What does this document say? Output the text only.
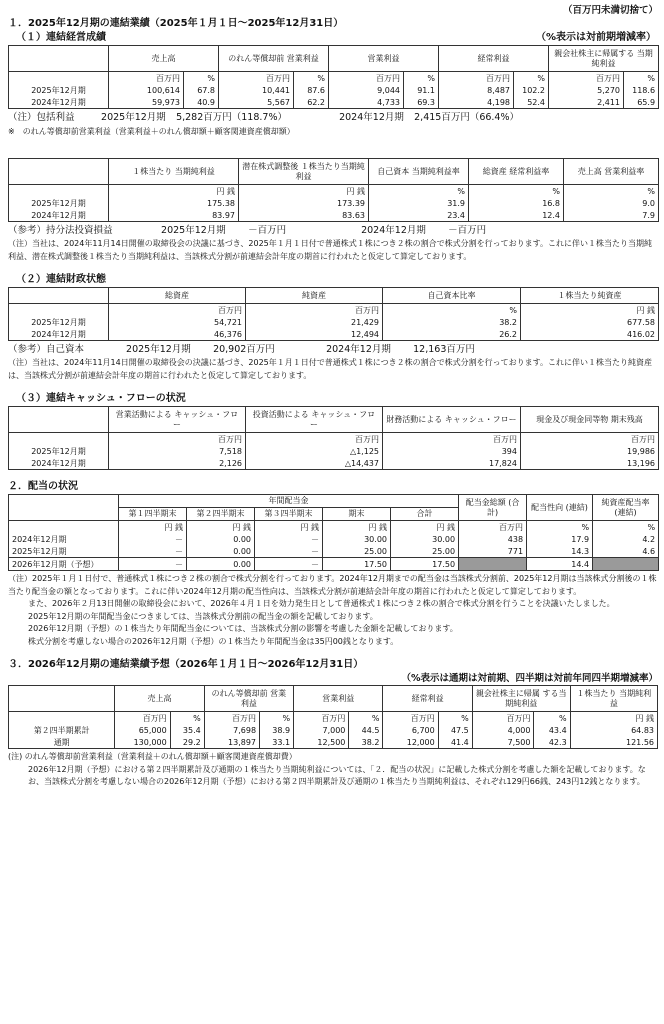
（百万円未満切捨て）
１．2025年12月期の連結業績（2025年１月１日～2025年12月31日）
（１）連結経営成績	（%表示は対前期増減率）
	売上高		のれん等償却前 営業利益		営業利益		経常利益		親会社株主に帰属する 当期純利益	
	百万円	%	百万円	%	百万円	%	百万円	%	百万円	%
2025年12月期	100,614	67.8	10,441	87.6	9,044	91.1	8,487	102.2	5,270	118.6
2024年12月期	59,973	40.9	5,567	62.2	4,733	69.3	4,198	52.4	2,411	65.9
（注）包括利益	2025年12月期 5,282百万円（118.7%）	2024年12月期 2,415百万円（66.4%）
※　のれん等償却前営業利益（営業利益＋のれん償却額＋顧客関連資産償却額）
	１株当たり 当期純利益	潜在株式調整後 １株当たり当期純利益	自己資本 当期純利益率	総資産 経常利益率	売上高 営業利益率
	円 銭	円 銭	%	%	%
2025年12月期	175.38	173.39	31.9	16.8	9.0
2024年12月期	83.97	83.63	23.4	12.4	7.9
（参考）持分法投資損益	2025年12月期 －百万円	2024年12月期 －百万円

（注）当社は、2024年11月14日開催の取締役会の決議に基づき、2025年１月１日付で普通株式１株につき２株の割合で株式分割を行っております。これに伴い１株当たり当期純利益、潜在株式調整後１株当たり当期純利益は、当該株式分割が前連結会計年度の期首に行われたと仮定して算定しております。

（２）連結財政状態
	総資産	純資産	自己資本比率	１株当たり純資産
	百万円	百万円	%	円 銭
2025年12月期	54,721	21,429	38.2	677.58
2024年12月期	46,376	12,494	26.2	416.02
（参考）自己資本	2025年12月期 20,902百万円	2024年12月期 12,163百万円

（注）当社は、2024年11月14日開催の取締役会の決議に基づき、2025年１月１日付で普通株式１株につき２株の割合で株式分割を行っております。これに伴い１株当たり純資産は、当該株式分割が前連結会計年度の期首に行われたと仮定して算定しております。

（３）連結キャッシュ・フローの状況
	営業活動による キャッシュ・フロー	投資活動による キャッシュ・フロー	財務活動による キャッシュ・フロー	現金及び現金同等物 期末残高
	百万円	百万円	百万円	百万円
2025年12月期	7,518	△1,125	394	19,986
2024年12月期	2,126	△14,437	17,824	13,196
２．配当の状況
	年間配当金					配当金総額 (合計)	配当性向 (連結)	純資産配当率 (連結)
	第１四半期末	第２四半期末	第３四半期末	期末	合計			
	円 銭	円 銭	円 銭	円 銭	円 銭	百万円	%	%
2024年12月期	－	0.00	－	30.00	30.00	438	17.9	4.2
2025年12月期	－	0.00	－	25.00	25.00	771	14.3	4.6
2026年12月期（予想）	－	0.00	－	17.50	17.50		14.4	

（注）2025年１月１日付で、普通株式１株につき２株の割合で株式分割を行っております。2024年12月期までの配当金は当該株式分割前、2025年12月期は当該株式分割後の１株当たり配当金の額となっております。これに伴い2024年12月期の配当性向は、当該株式分割が前連結会計年度の期首に行われたと仮定して算定しております。

また、2026年２月13日開催の取締役会において、2026年４月１日を効力発生日として普通株式１株につき２株の割合で株式分割を行うことを決議いたしました。

2025年12月期の年間配当金につきましては、当該株式分割前の配当金の額を記載しております。

2026年12月期（予想）の１株当たり年間配当金については、当該株式分割の影響を考慮した金額を記載しております。

株式分割を考慮しない場合の2026年12月期（予想）の１株当たり年間配当金は35円00銭となります。

３．2026年12月期の連結業績予想（2026年１月１日～2026年12月31日）
（%表示は通期は対前期、四半期は対前年同四半期増減率）
	売上高		のれん等償却前 営業利益		営業利益		経常利益		親会社株主に帰属 する当期純利益		１株当たり 当期純利益
	百万円	%	百万円	%	百万円	%	百万円	%	百万円	%	円 銭
第２四半期累計	65,000	35.4	7,698	38.9	7,000	44.5	6,700	47.5	4,000	43.4	64.83
通期	130,000	29.2	13,897	33.1	12,500	38.2	12,000	41.4	7,500	42.3	121.56

(注) のれん等償却前営業利益（営業利益＋のれん償却額＋顧客関連資産償却費）

2026年12月期（予想）における第２四半期累計及び通期の１株当たり当期純利益については、「２．配当の状況」に記載した株式分割を考慮した額を記載しております。なお、当該株式分割を考慮しない場合の2026年12月期（予想）における第２四半期累計及び通期の１株当たり当期純利益は、それぞれ129円66銭、243円12銭となります。
